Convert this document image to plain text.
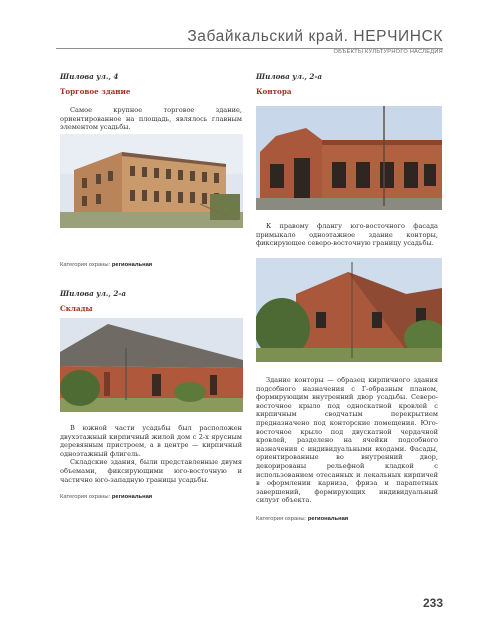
Забайкальский край. НЕРЧИНСК
ОБЪЕКТЫ КУЛЬТУРНОГО НАСЛЕДИЯ

Шилова ул., 4

Торговое здание

Самое крупное торговое здание, ориентированное на площадь, являлось главным элементом усадьбы.

Категория охраны: региональная

Шилова ул., 2-а

Склады

В южной части усадьбы был расположен двухэтажный кирпичный жилой дом с 2-х ярусным деревянным пристроем, а в центре — кирпичный одноэтажный флигель.

Складские здания, были представленные двумя объемами, фиксирующими юго-восточную и частично юго-западную границы усадьбы.

Категория охраны: региональная

Шилова ул., 2-а

Контора

К правому флангу юго-восточного фасада примыкало одноэтажное здание конторы, фиксирующее северо-восточную границу усадьбы.

Здание конторы — образец кирпичного здания подсобного назначения с Г-образным планом, формирующим внутренний двор усадьбы. Северо-восточное крыло под односкатной кровлей с кирпичным сводчатым перекрытием предназначено под конторские помещения. Юго-восточное крыло под двускатной чердачной кровлей, разделено на ячейки подсобного назначения с индивидуальными входами. Фасады, ориентированные во внутренний двор, декорированы рельефной кладкой с использованием отесанных и лекальных кирпичей в оформлении карниза, фриза и парапетных завершений, формирующих индивидуальный силуэт объекта.

Категория охраны: региональная
233
